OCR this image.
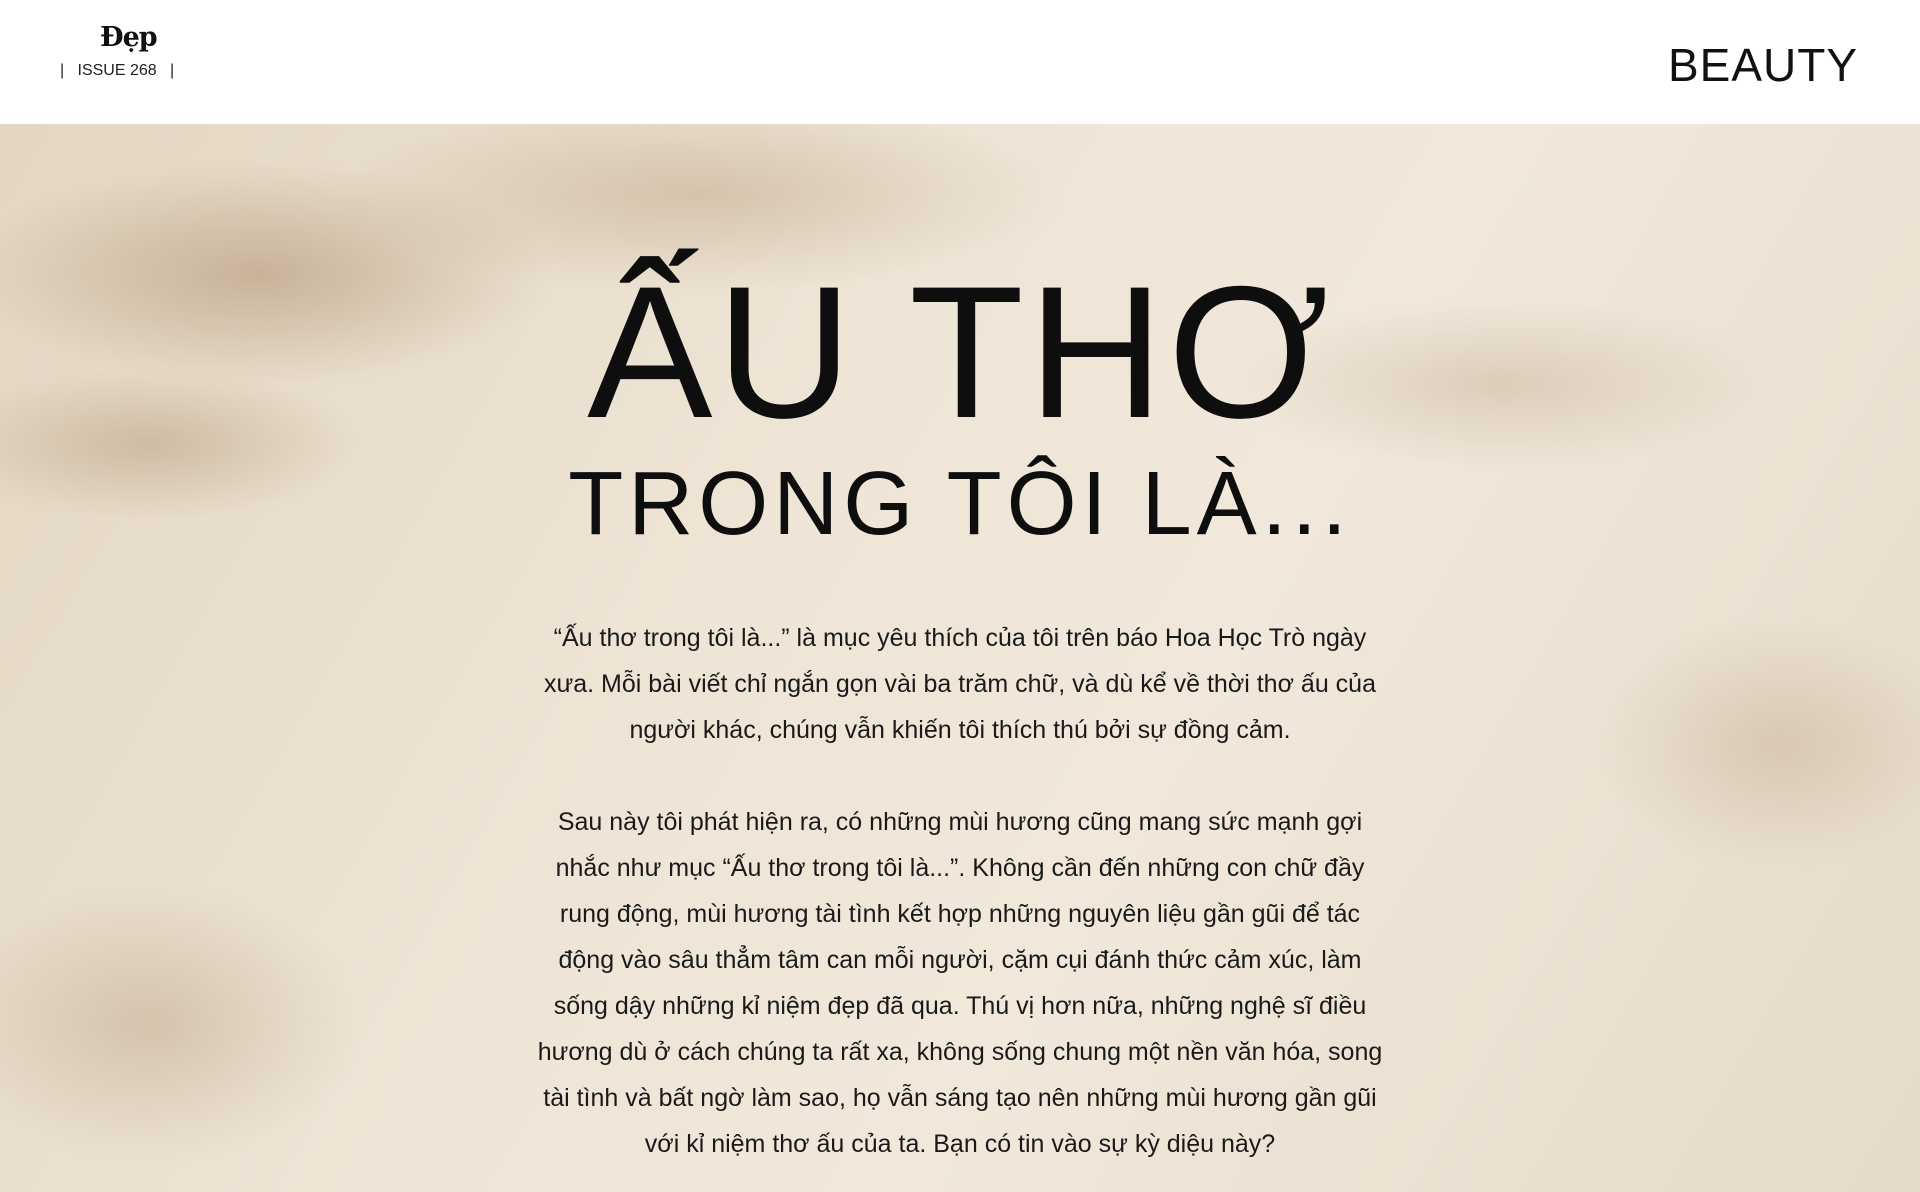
Đẹp
|   ISSUE 268   |	BEAUTY
ẤU THƠ
TRONG TÔI LÀ...
“Ấu thơ trong tôi là...” là mục yêu thích của tôi trên báo Hoa Học Trò ngày
xưa. Mỗi bài viết chỉ ngắn gọn vài ba trăm chữ, và dù kể về thời thơ ấu của
người khác, chúng vẫn khiến tôi thích thú bởi sự đồng cảm.
Sau này tôi phát hiện ra, có những mùi hương cũng mang sức mạnh gợi
nhắc như mục “Ấu thơ trong tôi là...”. Không cần đến những con chữ đầy
rung động, mùi hương tài tình kết hợp những nguyên liệu gần gũi để tác
động vào sâu thẳm tâm can mỗi người, cặm cụi đánh thức cảm xúc, làm
sống dậy những kỉ niệm đẹp đã qua. Thú vị hơn nữa, những nghệ sĩ điều
hương dù ở cách chúng ta rất xa, không sống chung một nền văn hóa, song
tài tình và bất ngờ làm sao, họ vẫn sáng tạo nên những mùi hương gần gũi
với kỉ niệm thơ ấu của ta. Bạn có tin vào sự kỳ diệu này?
